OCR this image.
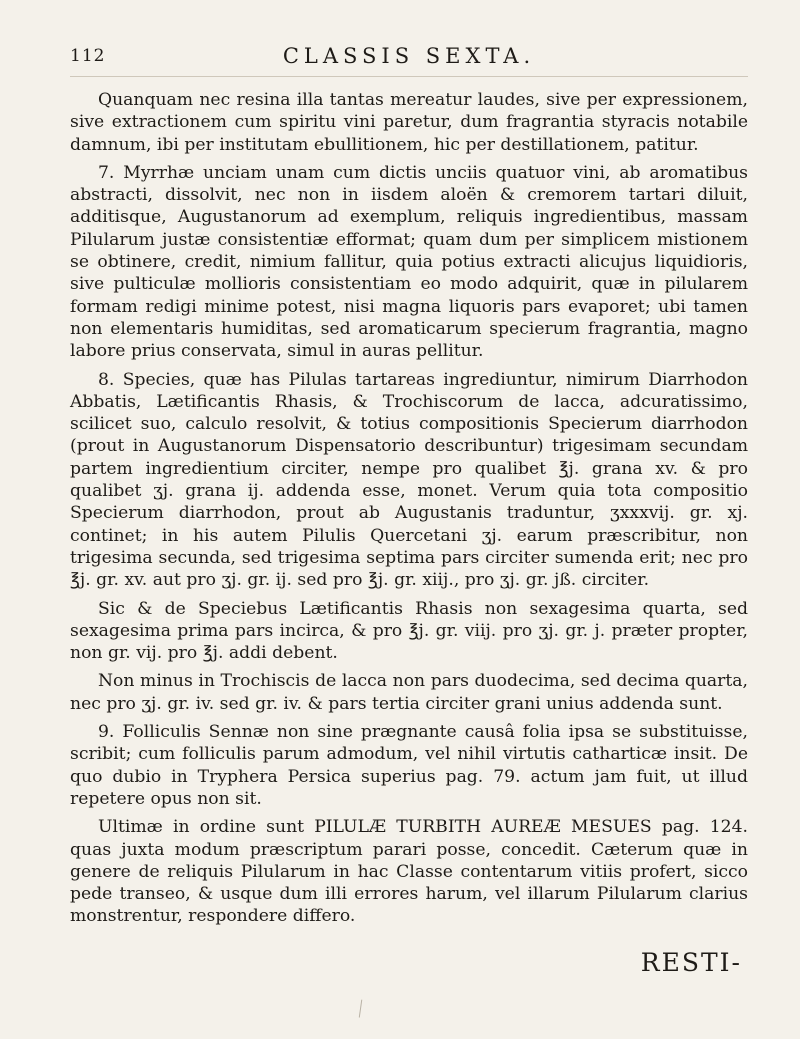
112	CLASSIS SEXTA.

Quanquam nec resina illa tantas mereatur laudes, sive per expressionem, sive extractionem cum spiritu vini paretur, dum fragrantia styracis notabile damnum, ibi per institutam ebullitionem, hic per destillationem, patitur.

7. Myrrhæ unciam unam cum dictis unciis quatuor vini, ab aromatibus abstracti, dissolvit, nec non in iisdem aloën & cremorem tartari diluit, additisque, Augustanorum ad exemplum, reliquis ingredientibus, massam Pilularum justæ consistentiæ efformat; quam dum per simplicem mistionem se obtinere, credit, nimium fallitur, quia potius extracti alicujus liquidioris, sive pulticulæ mollioris consistentiam eo modo adquirit, quæ in pilularem formam redigi minime potest, nisi magna liquoris pars evaporet; ubi tamen non elementaris humiditas, sed aromaticarum specierum fragrantia, magno labore prius conservata, simul in auras pellitur.

8. Species, quæ has Pilulas tartareas ingrediuntur, nimirum Diarrhodon Abbatis, Lætificantis Rhasis, & Trochiscorum de lacca, adcuratissimo, scilicet suo, calculo resolvit, & totius compositionis Specierum diarrhodon (prout in Augustanorum Dispensatorio describuntur) trigesimam secundam partem ingredientium circiter, nempe pro qualibet ℥j. grana xv. & pro qualibet ʒj. grana ij. addenda esse, monet. Verum quia tota compositio Specierum diarrhodon, prout ab Augustanis traduntur, ʒxxxvij. gr. xj. continet; in his autem Pilulis Quercetani ʒj. earum præscribitur, non trigesima secunda, sed trigesima septima pars circiter sumenda erit; nec pro ℥j. gr. xv. aut pro ʒj. gr. ij. sed pro ℥j. gr. xiij., pro ʒj. gr. jß. circiter.

Sic & de Speciebus Lætificantis Rhasis non sexagesima quarta, sed sexagesima prima pars incirca, & pro ℥j. gr. viij. pro ʒj. gr. j. præter propter, non gr. vij. pro ℥j. addi debent.

Non minus in Trochiscis de lacca non pars duodecima, sed decima quarta, nec pro ʒj. gr. iv. sed gr. iv. & pars tertia circiter grani unius addenda sunt.

9. Folliculis Sennæ non sine prægnante causâ folia ipsa se substituisse, scribit; cum folliculis parum admodum, vel nihil virtutis catharticæ insit. De quo dubio in Tryphera Persica superius pag. 79. actum jam fuit, ut illud repetere opus non sit.

Ultimæ in ordine sunt PILULÆ TURBITH AUREÆ MESUES pag. 124. quas juxta modum præscriptum parari posse, concedit. Cæterum quæ in genere de reliquis Pilularum in hac Classe contentarum vitiis profert, sicco pede transeo, & usque dum illi errores harum, vel illarum Pilularum clarius monstrentur, respondere differo.

RESTI-
